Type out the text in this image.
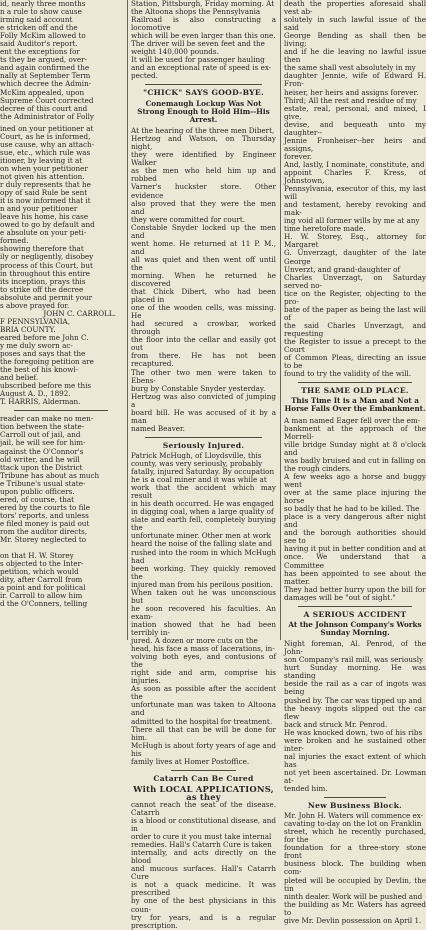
id, nearly three months

n a rule to show cause

irming said account

e stricken off and the

Folly McKim allowed to

said Auditor's report.

ent the exceptions for

ts they be argued, over-

and again confirmed the

nally at September Term

which decree the Admin-

McKim appealed, upon

Supreme Court corrected

decree of this court and

the Administrator of Folly

ined on your petitioner at

Court, as he is informed,

use cause, why an attach-

sue, etc., which rule was

itioner, by leaving it at

on when your petitioner

not given his attention.

r duly represents that he

opy of said Rule be sent

it is now informed that it

n and your petitioner

leave his home, his case

owed to go by default and

e absolute on your peti-

formed.

showing therefore that

ily or negligently, disobey

process of this Court, but

in throughout this entire

its inception, prays this

to strike off the decree

absolute and permit your

s above prayed for.

JOHN C. CARROLL.

F PENNSYLVANIA,

BRIA COUNTY.

eared before me John C.

y me duly sworn ac-

poses and says that the

the foregoing petition are

the best of his knowl-

and belief.

ubscribed before me this

August A. D., 1892.

T. HARRIS, Alderman.

reader can make no men-

tion between the state-

Carroll out of jail, and

jail, he will see for him-

against the O'Connor's

old writer, and he will

ttack upon the District

Tribune has about as much

e Tribune's usual state-

upon public officers.

ered, of course, that

ered by the courts to file

tors' reports, and unless

e filed money is paid out

rom the auditor directs,

Mr. Storey neglected to

on that H. W. Storey

s objected to the Inter-

petition, which would

dity, after Carroll from

a point and for political

ir. Carroll to allow him

d the O'Conners, telling

Station, Pittsburgh, Friday morning. At

the Altoona shops the Pennsylvania

Railroad is also constructing a locomotive

which will be even larger than this one.

The driver will be seven feet and the

weight 140,000 pounds.

It will be used for passenger hauling

and an exceptional rate of speed is ex-

pected.

"CHICK" SAYS GOOD-BYE.
Conemaugh Lockup Was Not Strong Enough to Hold Him--His Arrest.

At the hearing of the three men Dibert,

Hertzog and Watson, on Thursday night,

they were identified by Engineer Walker

as the men who held him up and robbed

Varner's huckster store. Other evidence

also proved that they were the men and

they were committed for court.

Constable Snyder locked up the men and

went home. He returned at 11 P. M., and

all was quiet and then went off until the

morning. When he returned he discovered

that Chick Dibert, who had been placed in

one of the wooden cells, was missing. He

had secured a crowbar, worked through

the floor into the cellar and easily got out

from there. He has not been recaptured.

The other two men were taken to Ebens-

burg by Constable Snyder yesterday.

Hertzog was also convicted of jumping a

board bill. He was accused of it by a man

named Beaver.

Seriously Injured.

Patrick McHugh, of Lloydsville, this

county, was very seriously, probably

fatally, injured Saturday. By occupation

he is a coal miner and it was while at

work that the accident which may result

in his death occurred. He was engaged

in digging coal, when a large quality of

slate and earth fell, completely burying the

unfortunate miner. Other men at work

heard the noise of the falling slate and

rushed into the room in which McHugh had

been working. They quickly removed the

injured man from his perilous position.

When taken out he was unconscious but

he soon recovered his faculties. An exam-

ination showed that he had been terribly in-

jured. A dozen or more cuts on the

head, his face a mass of lacerations, in-

volving both eyes, and contusions of the

right side and arm, comprise his injuries.

As soon as possible after the accident the

unfortunate man was taken to Altoona and

admitted to the hospital for treatment.

There all that can be will be done for him.

McHugh is about forty years of age and his

family lives at Homer Postoffice.

Catarrh Can Be Cured

With LOCAL APPLICATIONS, as they

cannot reach the seat of the disease. Catarrh

is a blood or constitutional disease, and in

order to cure it you must take internal

remedies. Hall's Catarrh Cure is taken

internally, and acts directly on the blood

and mucous surfaces. Hall's Catarrh Cure

is not a quack medicine. It was prescribed

by one of the best physicians in this coun-

try for years, and is a regular prescription.

death the properties aforesaid shall vest ab-

solutely in such lawful issue of the said

George Bending as shall then be living;

and if he die leaving no lawful issue then

the same shall vest absolutely in my

daughter Jennie, wife of Edward H. Fron-

heiser, her heirs and assigns forever.

Third; All the rest and residue of my

estate, real, personal, and mixed, I give,

devise, and bequeath unto my daughter--

Jennie Fronheiser--her heirs and assigns,

forever.

And, lastly, I nominate, constitute, and

appoint Charles F. Kress, of Johnstown,

Pennsylvania, executor of this, my last will

and testament, hereby revoking and mak-

ing void all former wills by me at any

time heretofore made.

H. W. Storey, Esq., attorney for Margaret

G. Unverzagt, daughter of the late George

Unverzt, and grand-daughter of

Charles Unverzagt, on Saturday served no-

tice on the Register, objecting to the pro-

bate of the paper as being the last will of

the said Charles Unverzagt, and requesting

the Register to issue a precept to the Court

of Common Pleas, directing an issue to be

found to try the validity of the will.

THE SAME OLD PLACE.
This Time It is a Man and Not a Horse Falls Over the Embankment.

A man named Eager fell over the em-

bankment at the approach of the Morrell-

ville bridge Sunday night at 8 o'clock and

was badly bruised and cut in falling on

the rough cinders.

A few weeks ago a horse and buggy went

over at the same place injuring the horse

so badly that he had to be killed. The

place is a very dangerous after night and

and the borough authorities should see to

having it put in better condition and at

once. We understand that a Committee

has been appointed to see about the matter.

They had better hurry upon the bill for

damages will be "out of sight."

A SERIOUS ACCIDENT
At the Johnson Company's Works Sunday Morning.

Night foreman, Al. Penrod, of the John-

son Company's rail mill, was seriously

hurt Sunday morning. He was standing

beside the rail as a car of ingots was being

pushed by. The car was tipped up and

the heavy ingots slipped out the car flew

back and struck Mr. Penrod.

He was knocked down, two of his ribs

were broken and he sustained other inter-

nal injuries the exact extent of which has

not yet been ascertained. Dr. Lowman at-

tended him.

New Business Block.

Mr. John H. Waters will commence ex-

cavating to-day on the lot on Franklin

street, which he recently purchased, for the

foundation for a three-story stone front

business block. The building when com-

pleted will be occupied by Devlin, the tin

ninth dealer. Work will be pushed and

the building as Mr. Waters has agreed to

give Mr. Devlin possession on April 1.
